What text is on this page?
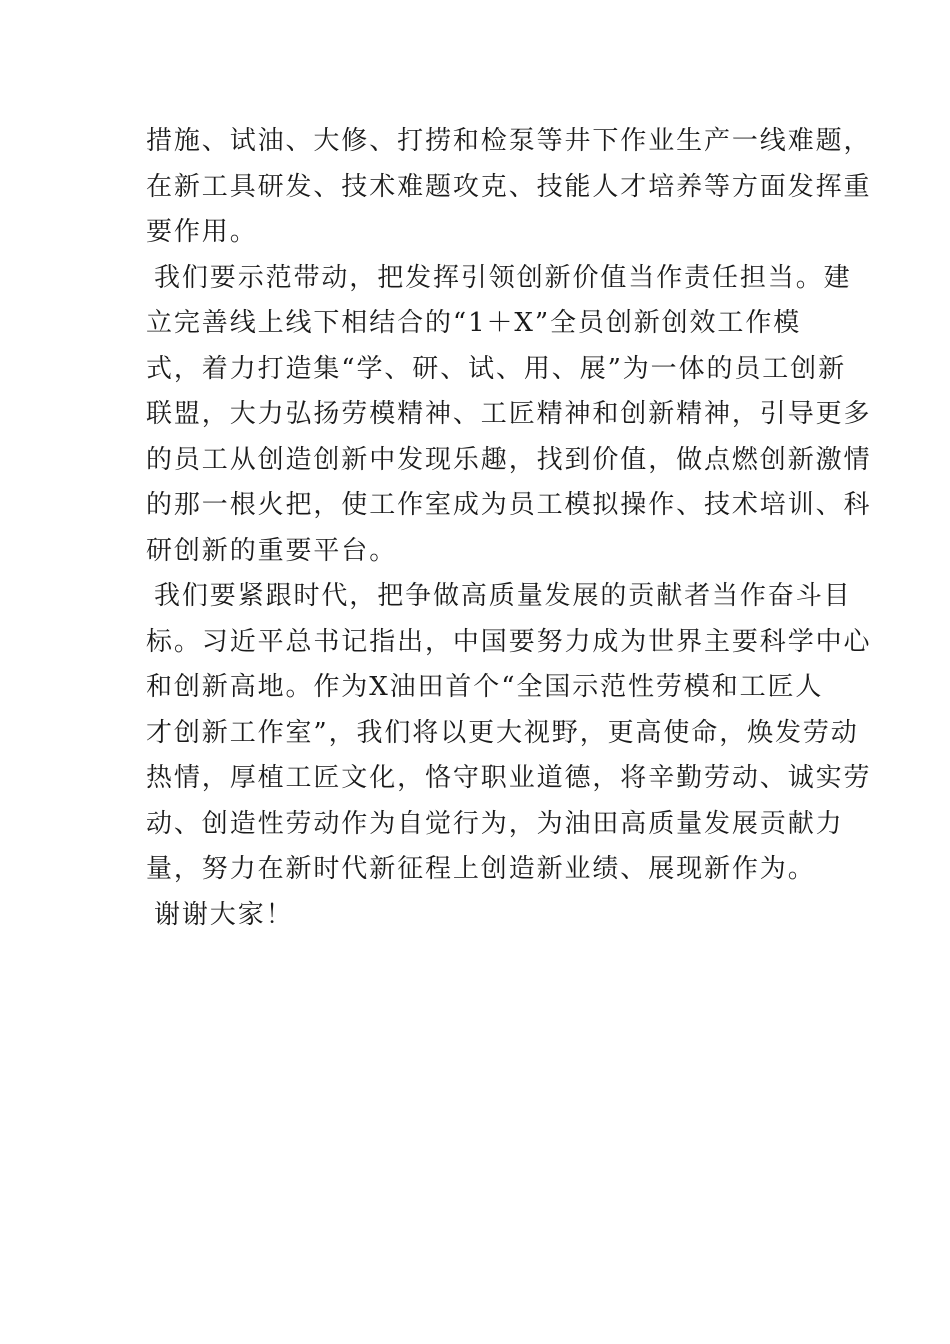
措施、试油、大修、打捞和检泵等井下作业生产一线难题，
在新工具研发、技术难题攻克、技能人才培养等方面发挥重
要作用。
我们要示范带动，把发挥引领创新价值当作责任担当。建
立完善线上线下相结合的“1＋X”全员创新创效工作模
式，着力打造集“学、研、试、用、展”为一体的员工创新
联盟，大力弘扬劳模精神、工匠精神和创新精神，引导更多
的员工从创造创新中发现乐趣，找到价值，做点燃创新激情
的那一根火把，使工作室成为员工模拟操作、技术培训、科
研创新的重要平台。
我们要紧跟时代，把争做高质量发展的贡献者当作奋斗目
标。习近平总书记指出，中国要努力成为世界主要科学中心
和创新高地。作为X油田首个“全国示范性劳模和工匠人
才创新工作室”，我们将以更大视野，更高使命，焕发劳动
热情，厚植工匠文化，恪守职业道德，将辛勤劳动、诚实劳
动、创造性劳动作为自觉行为，为油田高质量发展贡献力
量，努力在新时代新征程上创造新业绩、展现新作为。
谢谢大家！
